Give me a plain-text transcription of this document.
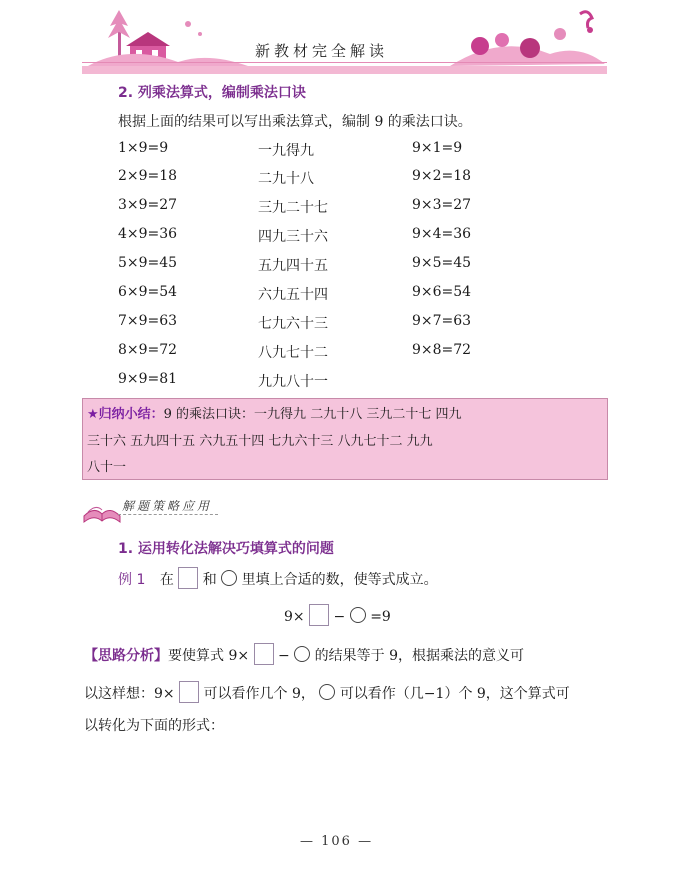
新教材完全解读
2. 列乘法算式，编制乘法口诀
根据上面的结果可以写出乘法算式，编制 9 的乘法口诀。
1×9=9
2×9=18
3×9=27
4×9=36
5×9=45
6×9=54
7×9=63
8×9=72
9×9=81
一九得九
二九十八
三九二十七
四九三十六
五九四十五
六九五十四
七九六十三
八九七十二
九九八十一
9×1=9
9×2=18
9×3=27
9×4=36
9×5=45
9×6=54
9×7=63
9×8=72
★归纳小结：9 的乘法口诀：一九得九 二九十八 三九二十七 四九
三十六 五九四十五 六九五十四 七九六十三 八九七十二 九九
八十一
解题策略应用
1. 运用转化法解决巧填算式的问题
例 1 在 和 里填上合适的数，使等式成立。
9× − =9
【思路分析】要使算式 9× − 的结果等于 9，根据乘法的意义可
以这样想：9× 可以看作几个 9， 可以看作（几−1）个 9，这个算式可
以转化为下面的形式：
— 106 —
